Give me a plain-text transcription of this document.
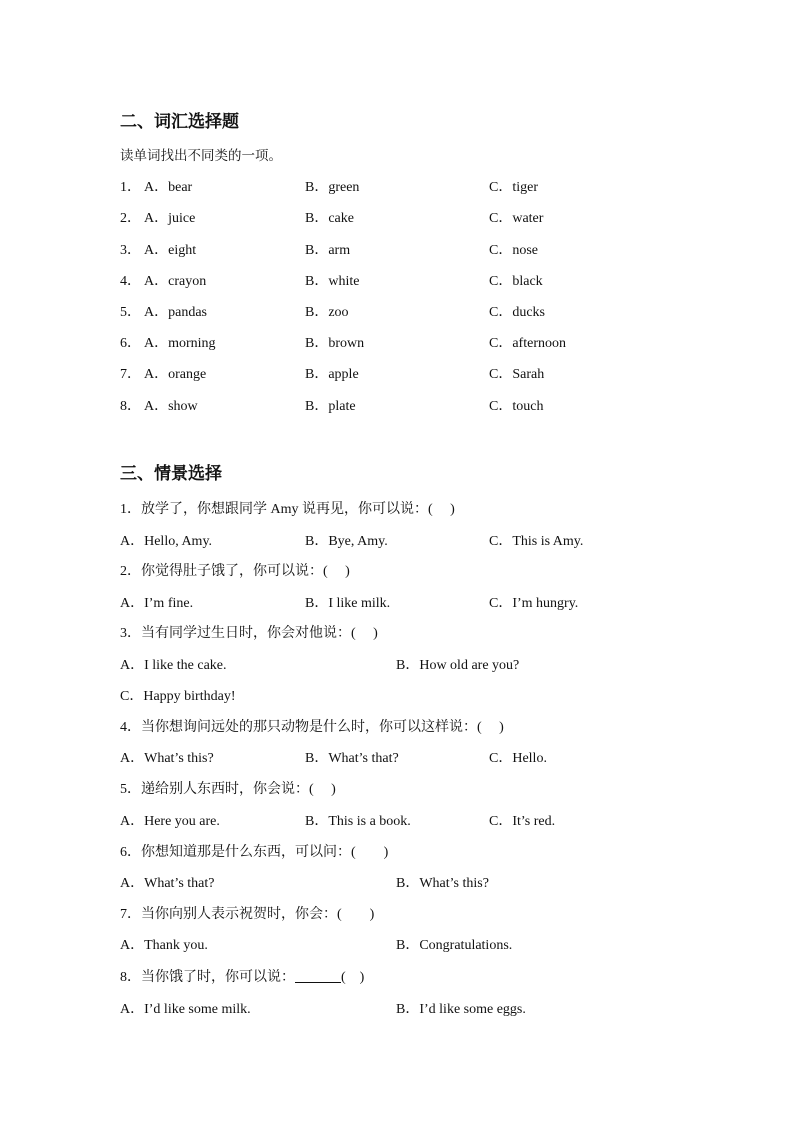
二、词汇选择题
读单词找出不同类的一项。
1． A．bear	B．green	C．tiger
2． A．juice	B．cake	C．water
3． A．eight	B．arm	C．nose
4． A．crayon	B．white	C．black
5． A．pandas	B．zoo	C．ducks
6． A．morning	B．brown	C．afternoon
7． A．orange	B．apple	C．Sarah
8． A．show	B．plate	C．touch
三、情景选择
1．放学了，你想跟同学 Amy 说再见，你可以说：(　 )
A．Hello, Amy.	B．Bye, Amy.	C．This is Amy.
2．你觉得肚子饿了，你可以说：(　 )
A．I’m fine.	B．I like milk.	C．I’m hungry.
3．当有同学过生日时，你会对他说：(　 )
A．I like the cake.	B．How old are you?
C．Happy birthday!
4．当你想询问远处的那只动物是什么时，你可以这样说：(　 )
A．What’s this?	B．What’s that?	C．Hello.
5．递给别人东西时，你会说：(　 )
A．Here you are.	B．This is a book.	C．It’s red.
6．你想知道那是什么东西，可以问：(　　)
A．What’s that?	B．What’s this?
7．当你向别人表示祝贺时，你会：(　　)
A．Thank you.	B．Congratulations.
8．当你饿了时，你可以说：	(　)
A．I’d like some milk.	B．I’d like some eggs.
